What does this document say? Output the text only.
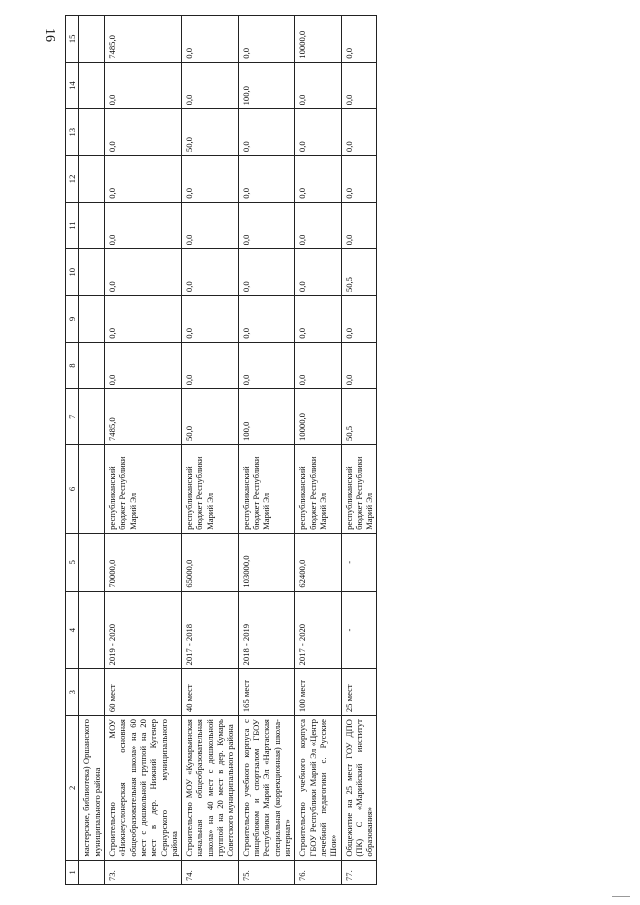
16
1	2	3	4	5	6	7	8	9	10	11	12	13	14	15
	мастерские, библиотека) Оршанского муниципального района													
73.	Строительство МОУ «Нижнеуслонерская основная общеобразовательная школа» на 60 мест с дошкольной группой на 20 мест в дер. Нижний Кугенер Сернурского муниципального района	60 мест	2019 - 2020	70000,0	республиканский бюджет Республики Марий Эл	7485,0	0,0	0,0	0,0	0,0	0,0	0,0	0,0	7485,0
74.	Строительство МОУ «Кумарьинская начальная общеобразовательная школа» на 40 мест с дошкольной группой на 20 мест в дер. Кумарь Советского муниципального района	40 мест	2017 - 2018	65000,0	республиканский бюджет Республики Марий Эл	50,0	0,0	0,0	0,0	0,0	0,0	50,0	0,0	0,0
75.	Строительство учебного корпуса с пищеблоком и спортзалом ГБОУ Республики Марий Эл «Нартасская специальная (коррекционная) школа-интернат»	165 мест	2018 - 2019	103000,0	республиканский бюджет Республики Марий Эл	100,0	0,0	0,0	0,0	0,0	0,0	0,0	100,0	0,0
76.	Строительство учебного корпуса ГБОУ Республики Марий Эл «Центр лечебной педагогики с. Русские Шои»	100 мест	2017 - 2020	62400,0	республиканский бюджет Республики Марий Эл	10000,0	0,0	0,0	0,0	0,0	0,0	0,0	0,0	10000,0
77.	Общежитие на 25 мест ГОУ ДПО (ПК) С «Марийский институт образования»	25 мест	-	-	республиканский бюджет Республики Марий Эл	50,5	0,0	0,0	50,5	0,0	0,0	0,0	0,0	0,0
